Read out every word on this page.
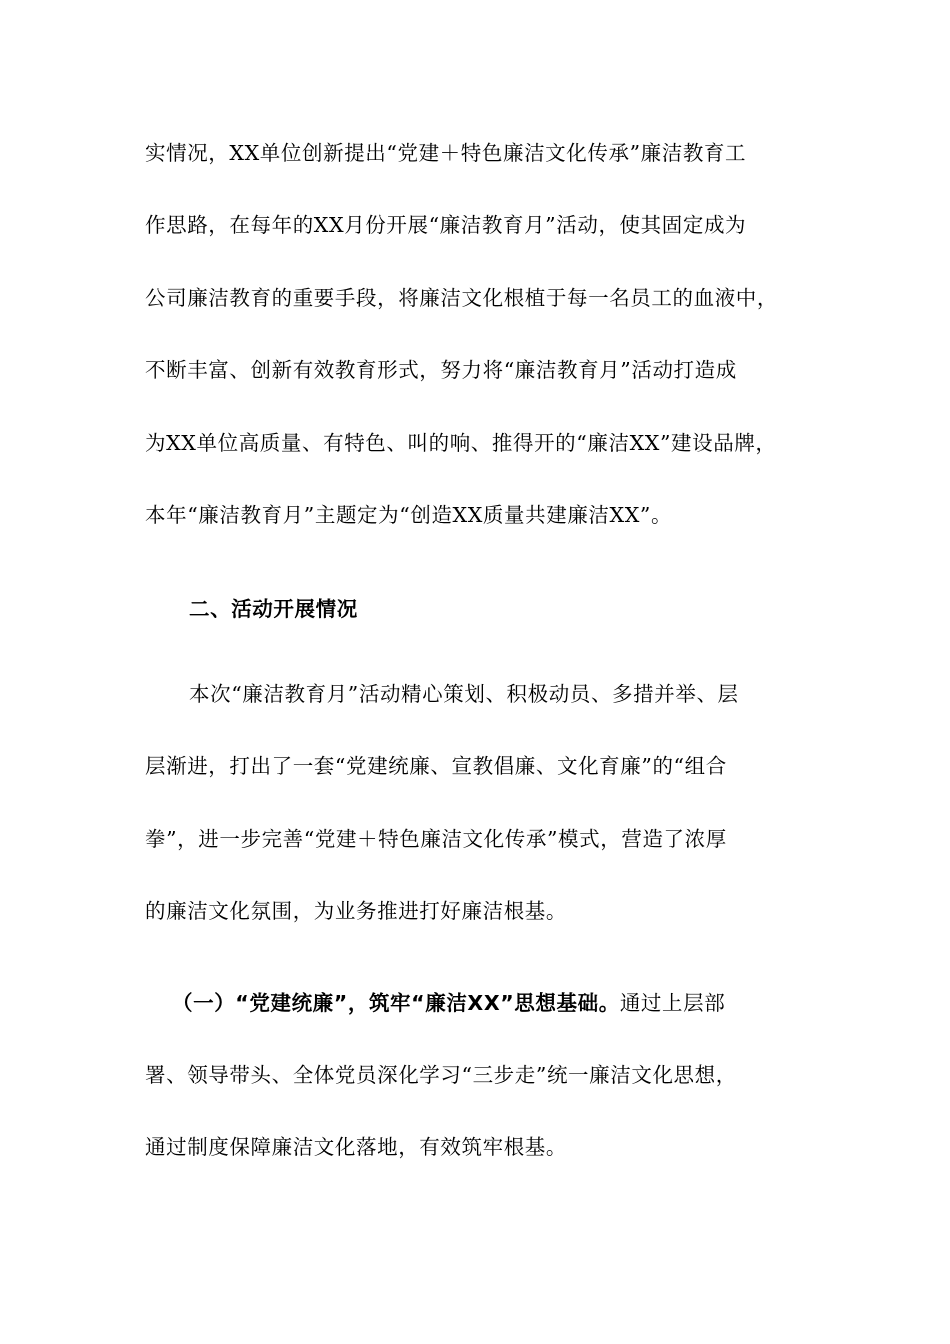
实情况，XX单位创新提出“党建＋特色廉洁文化传承”廉洁教育工
作思路，在每年的XX月份开展“廉洁教育月”活动，使其固定成为
公司廉洁教育的重要手段，将廉洁文化根植于每一名员工的血液中，
不断丰富、创新有效教育形式，努力将“廉洁教育月”活动打造成
为XX单位高质量、有特色、叫的响、推得开的“廉洁XX”建设品牌，
本年“廉洁教育月”主题定为“创造XX质量共建廉洁XX”。
二、活动开展情况
本次“廉洁教育月”活动精心策划、积极动员、多措并举、层
层渐进，打出了一套“党建统廉、宣教倡廉、文化育廉”的“组合
拳”，进一步完善“党建＋特色廉洁文化传承”模式，营造了浓厚
的廉洁文化氛围，为业务推进打好廉洁根基。
（一）“党建统廉”，筑牢“廉洁XX”思想基础。通过上层部
署、领导带头、全体党员深化学习“三步走”统一廉洁文化思想，
通过制度保障廉洁文化落地，有效筑牢根基。
